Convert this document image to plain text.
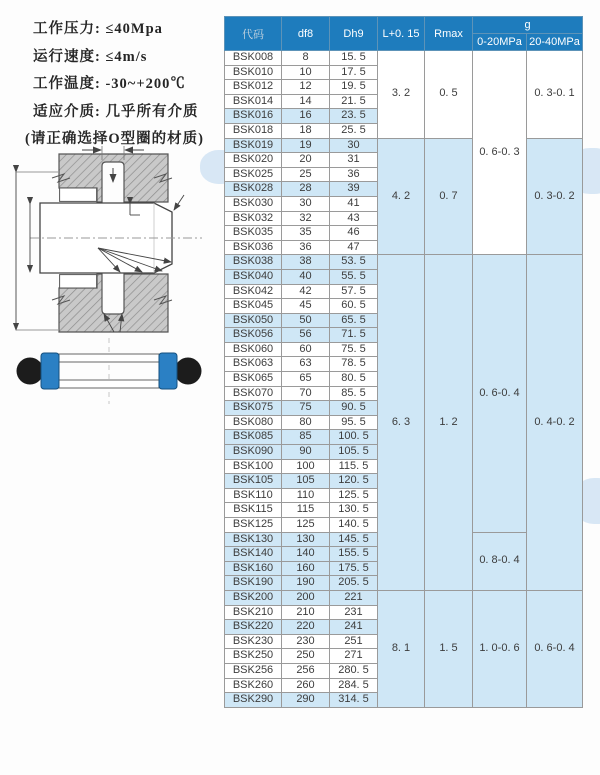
工作压力: ≤40Mpa
运行速度: ≤4m/s
工作温度: -30~+200℃
适应介质: 几乎所有介质
(请正确选择O型圈的材质)
代码	df8	Dh9	L+0. 15	Rmax	g	
					0-20MPa	20-40MPa
BSK008	8	15. 5	3. 2	0. 5	0. 6-0. 3	0. 3-0. 1
BSK010	10	17. 5				
BSK012	12	19. 5				
BSK014	14	21. 5				
BSK016	16	23. 5				
BSK018	18	25. 5				
BSK019	19	30	4. 2	0. 7		0. 3-0. 2
BSK020	20	31				
BSK025	25	36				
BSK028	28	39				
BSK030	30	41				
BSK032	32	43				
BSK035	35	46				
BSK036	36	47				
BSK038	38	53. 5	6. 3	1. 2	0. 6-0. 4	0. 4-0. 2
BSK040	40	55. 5				
BSK042	42	57. 5				
BSK045	45	60. 5				
BSK050	50	65. 5				
BSK056	56	71. 5				
BSK060	60	75. 5				
BSK063	63	78. 5				
BSK065	65	80. 5				
BSK070	70	85. 5				
BSK075	75	90. 5				
BSK080	80	95. 5				
BSK085	85	100. 5				
BSK090	90	105. 5				
BSK100	100	115. 5				
BSK105	105	120. 5				
BSK110	110	125. 5				
BSK115	115	130. 5				
BSK125	125	140. 5				
BSK130	130	145. 5			0. 8-0. 4	
BSK140	140	155. 5				
BSK160	160	175. 5				
BSK190	190	205. 5				
BSK200	200	221	8. 1	1. 5	1. 0-0. 6	0. 6-0. 4
BSK210	210	231				
BSK220	220	241				
BSK230	230	251				
BSK250	250	271				
BSK256	256	280. 5				
BSK260	260	284. 5				
BSK290	290	314. 5				
